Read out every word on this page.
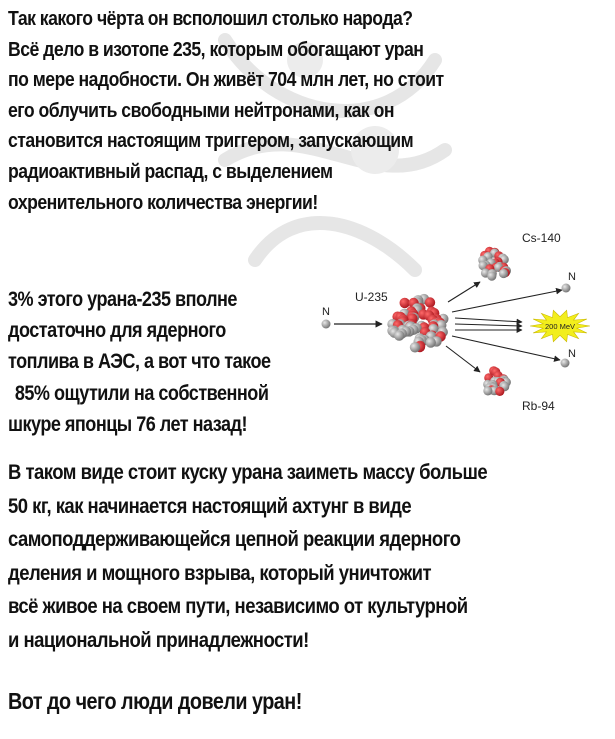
Так какого чёрта он всполошил столько народа?
Всё дело в изотопе 235, которым обогащают уран
по мере надобности. Он живёт 704 млн лет, но стоит
его облучить свободными нейтронами, как он
становится настоящим триггером, запускающим
радиоактивный распад, с выделением
охренительного количества энергии!
3% этого урана-235 вполне
достаточно для ядерного
топлива в АЭС, а вот что такое
85% ощутили на собственной
шкуре японцы 76 лет назад!
В таком виде стоит куску урана заиметь массу больше
50 кг, как начинается настоящий ахтунг в виде
самоподдерживающейся цепной реакции ядерного
деления и мощного взрыва, который уничтожит
всё живое на своем пути, независимо от культурной
и национальной принадлежности!
Вот до чего люди довели уран!
N
U-235
N
N
200 MeV
Cs-140
Rb-94
